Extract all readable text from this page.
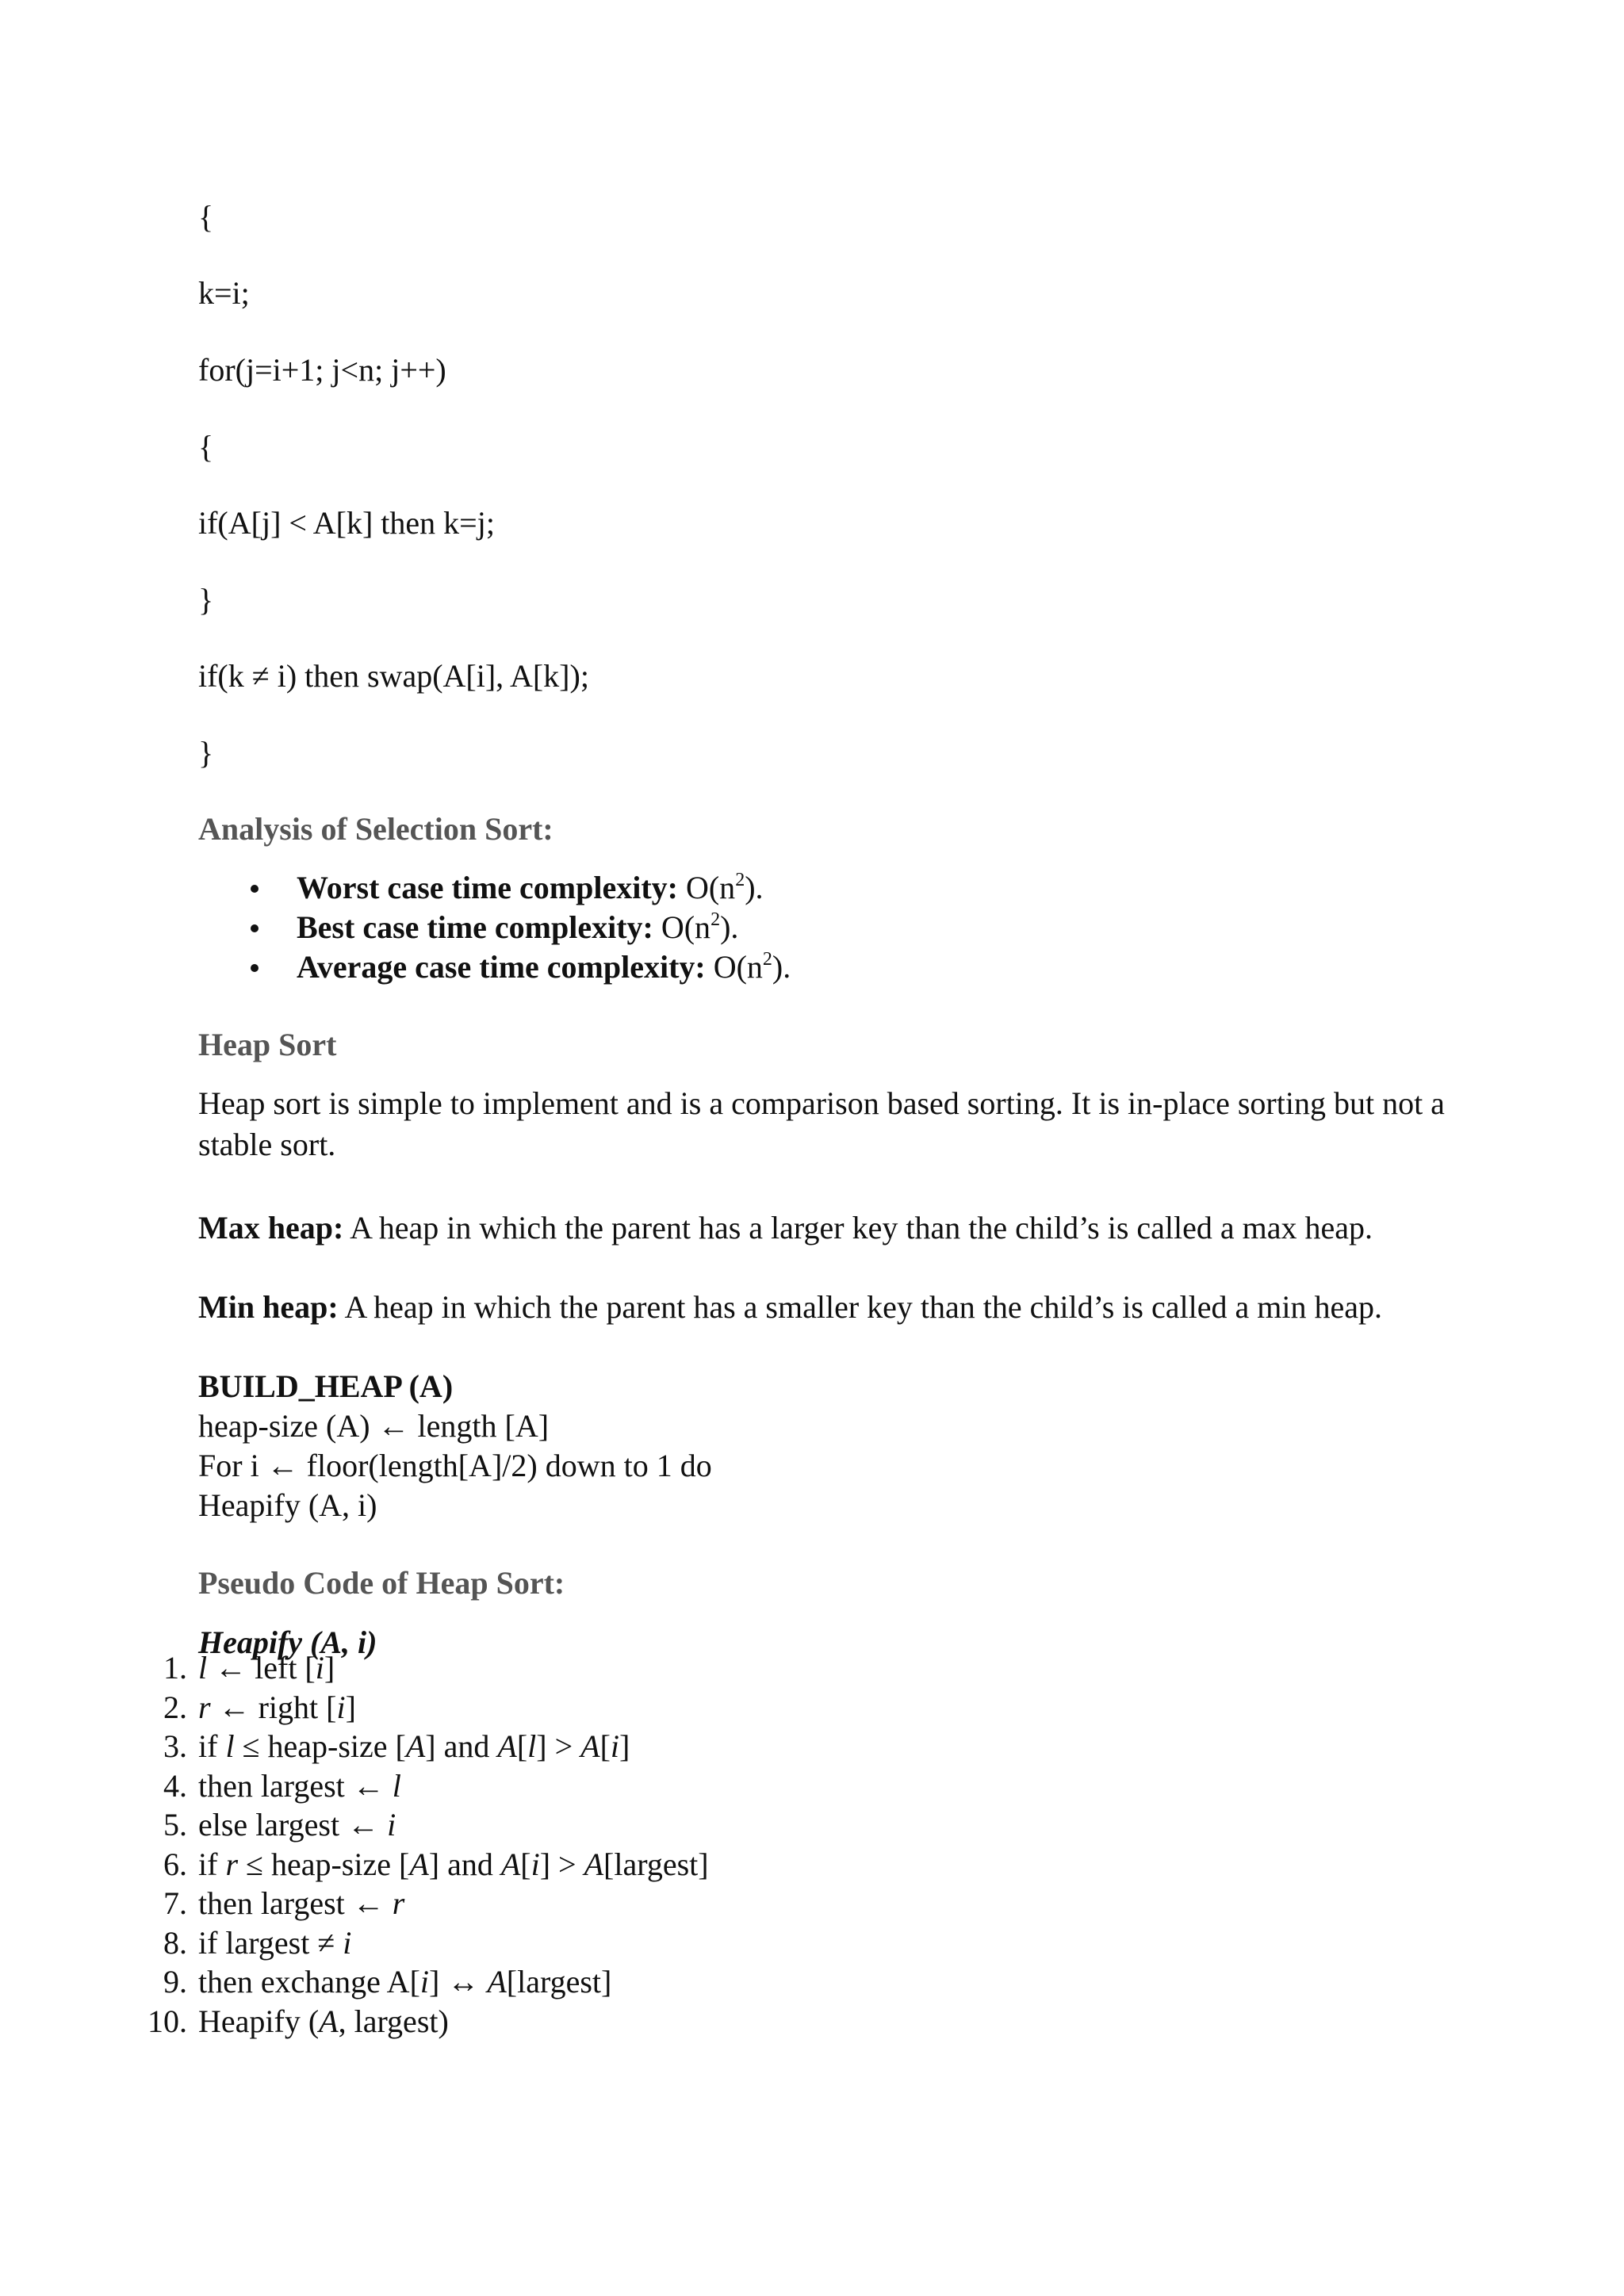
{
k=i;
for(j=i+1; j<n; j++)
{
if(A[j] < A[k] then k=j;
}
if(k ≠ i) then swap(A[i], A[k]);
}
Analysis of Selection Sort:
Worst case time complexity: $O(n^2)$.
Best case time complexity: $O(n^2)$.
Average case time complexity: $O(n^2)$.
Heap Sort
Heap sort is simple to implement and is a comparison based sorting. It is in-place sorting but not a stable sort.
Max heap: A heap in which the parent has a larger key than the child’s is called a max heap.
Min heap: A heap in which the parent has a smaller key than the child’s is called a min heap.
BUILD_HEAP (A)
heap-size (A) ← length [A]
For i ← floor(length[A]/2) down to 1 do
Heapify (A, i)
Pseudo Code of Heap Sort:
Heapify (A, i)
1. l ← left [i]
2. r ← right [i]
3. if l ≤ heap-size [A] and A[l] > A[i]
4. then largest ← l
5. else largest ← i
6. if r ≤ heap-size [A] and A[i] > A[largest]
7. then largest ← r
8. if largest ≠ i
9. then exchange A[i] ↔ A[largest]
10. Heapify (A, largest)
